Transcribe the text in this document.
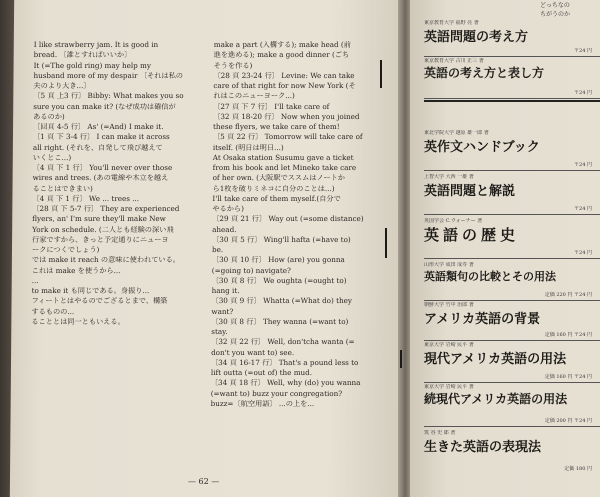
I like strawberry jam. It is good in

bread. 〔誰とすればいいか〕

It (=The gold ring) may help my

husband more of my despair 〔それは私の

夫のより大き...〕

〔5 頁 上3 行〕 Bibby: What makes you so

sure you can make it? (なぜ成功は確信が

あるのか)

〔回頁 4-5 行〕 As' (=And) I make it.

〔1 頁 下 3-4 行〕 I can make it across

all right. (それを、自発して飛び越えて

いくとこ...)

〔4 頁 下 1 行〕 You'll never over those

wires and trees. (あの電線や木立を越え

ることはできまい)

〔4 頁 下 1 行〕 We ... trees ...

〔28 頁 下 5-7 行〕 They are experienced

flyers, an' I'm sure they'll make New

York on schedule. (二人とも経験の深い飛

行家ですから、きっと予定通りにニューヨ

ークにつくでしょう)

では make it reach の意味に使われている。

これは make を使うから...

...

to make it も同じである。身振り...

フィートとはやるのでござるとまで、構築

するものの...

ることとは同一ともいえる。

make a part (入構する); make head (前

進を進める); make a good dinner (ごち

そうを作る)

〔28 頁 23-24 行〕 Levine: We can take

care of that right for now New York (そ

れはこのニューヨーク...)

〔27 頁 下 7 行〕 I'll take care of

〔32 頁 18-20 行〕 Now when you joined

these flyers, we take care of them!

〔5 頁 22 行〕 Tomorrow will take care of

itself. (明日は明日...)

At Osaka station Susumu gave a ticket

from his book and let Mineko take care

of her own. (大阪駅でススムはノートか

ら1枚を破りミネコに自分のことは...)

I'll take care of them myself.(自分で

やるから)

〔29 頁 21 行〕 Way out (=some distance)

ahead.

〔30 頁 5 行〕 Wing'll hafta (=have to)

be.

〔30 頁 10 行〕 How (are) you gonna

(=going to) navigate?

〔30 頁 8 行〕 We oughta (=ought to)

hang it.

〔30 頁 9 行〕 Whatta (=What do) they

want?

〔30 頁 8 行〕 They wanna (=want to)

stay.

〔32 頁 22 行〕 Well, don'tcha wanta (=

don't you want to) see.

〔34 頁 16-17 行〕 That's a pound less to

lift outta (=out of) the mud.

〔34 頁 18 行〕 Well, why (do) you wanna

(=want to) buzz your congregation?

buzz=〔航空用語〕 ...の上を...

— 62 —
どっちなの
ちがうのか
東京教育大学 福野 亮 著
英語問題の考え方
〒24 円
東京教育大学 古川 正三 著
英語の考え方と表し方
〒24 円
東北学院大学 越原 雄一郎 著
英作文ハンドブック
〒24 円
上智大学 大西 一雄 著
英語問題と解説
〒24 円
英国学会 C.ウォーナー 著
英語の歴史
〒24 円
山形大学 成田 成寿 著
英語類句の比較とその用法
定価 220 円 〒24 円
朝鮮大学 竹中 治郎 著
アメリカ英語の背景
定価 160 円 〒24 円
東京大学 岩崎 民平 著
現代アメリカ英語の用法
定価 160 円 〒24 円
東京大学 岩崎 民平 著
続現代アメリカ英語の用法
定価 200 円 〒24 円
筑 谷 史 郎 著
生きた英語の表現法
定価 180 円
